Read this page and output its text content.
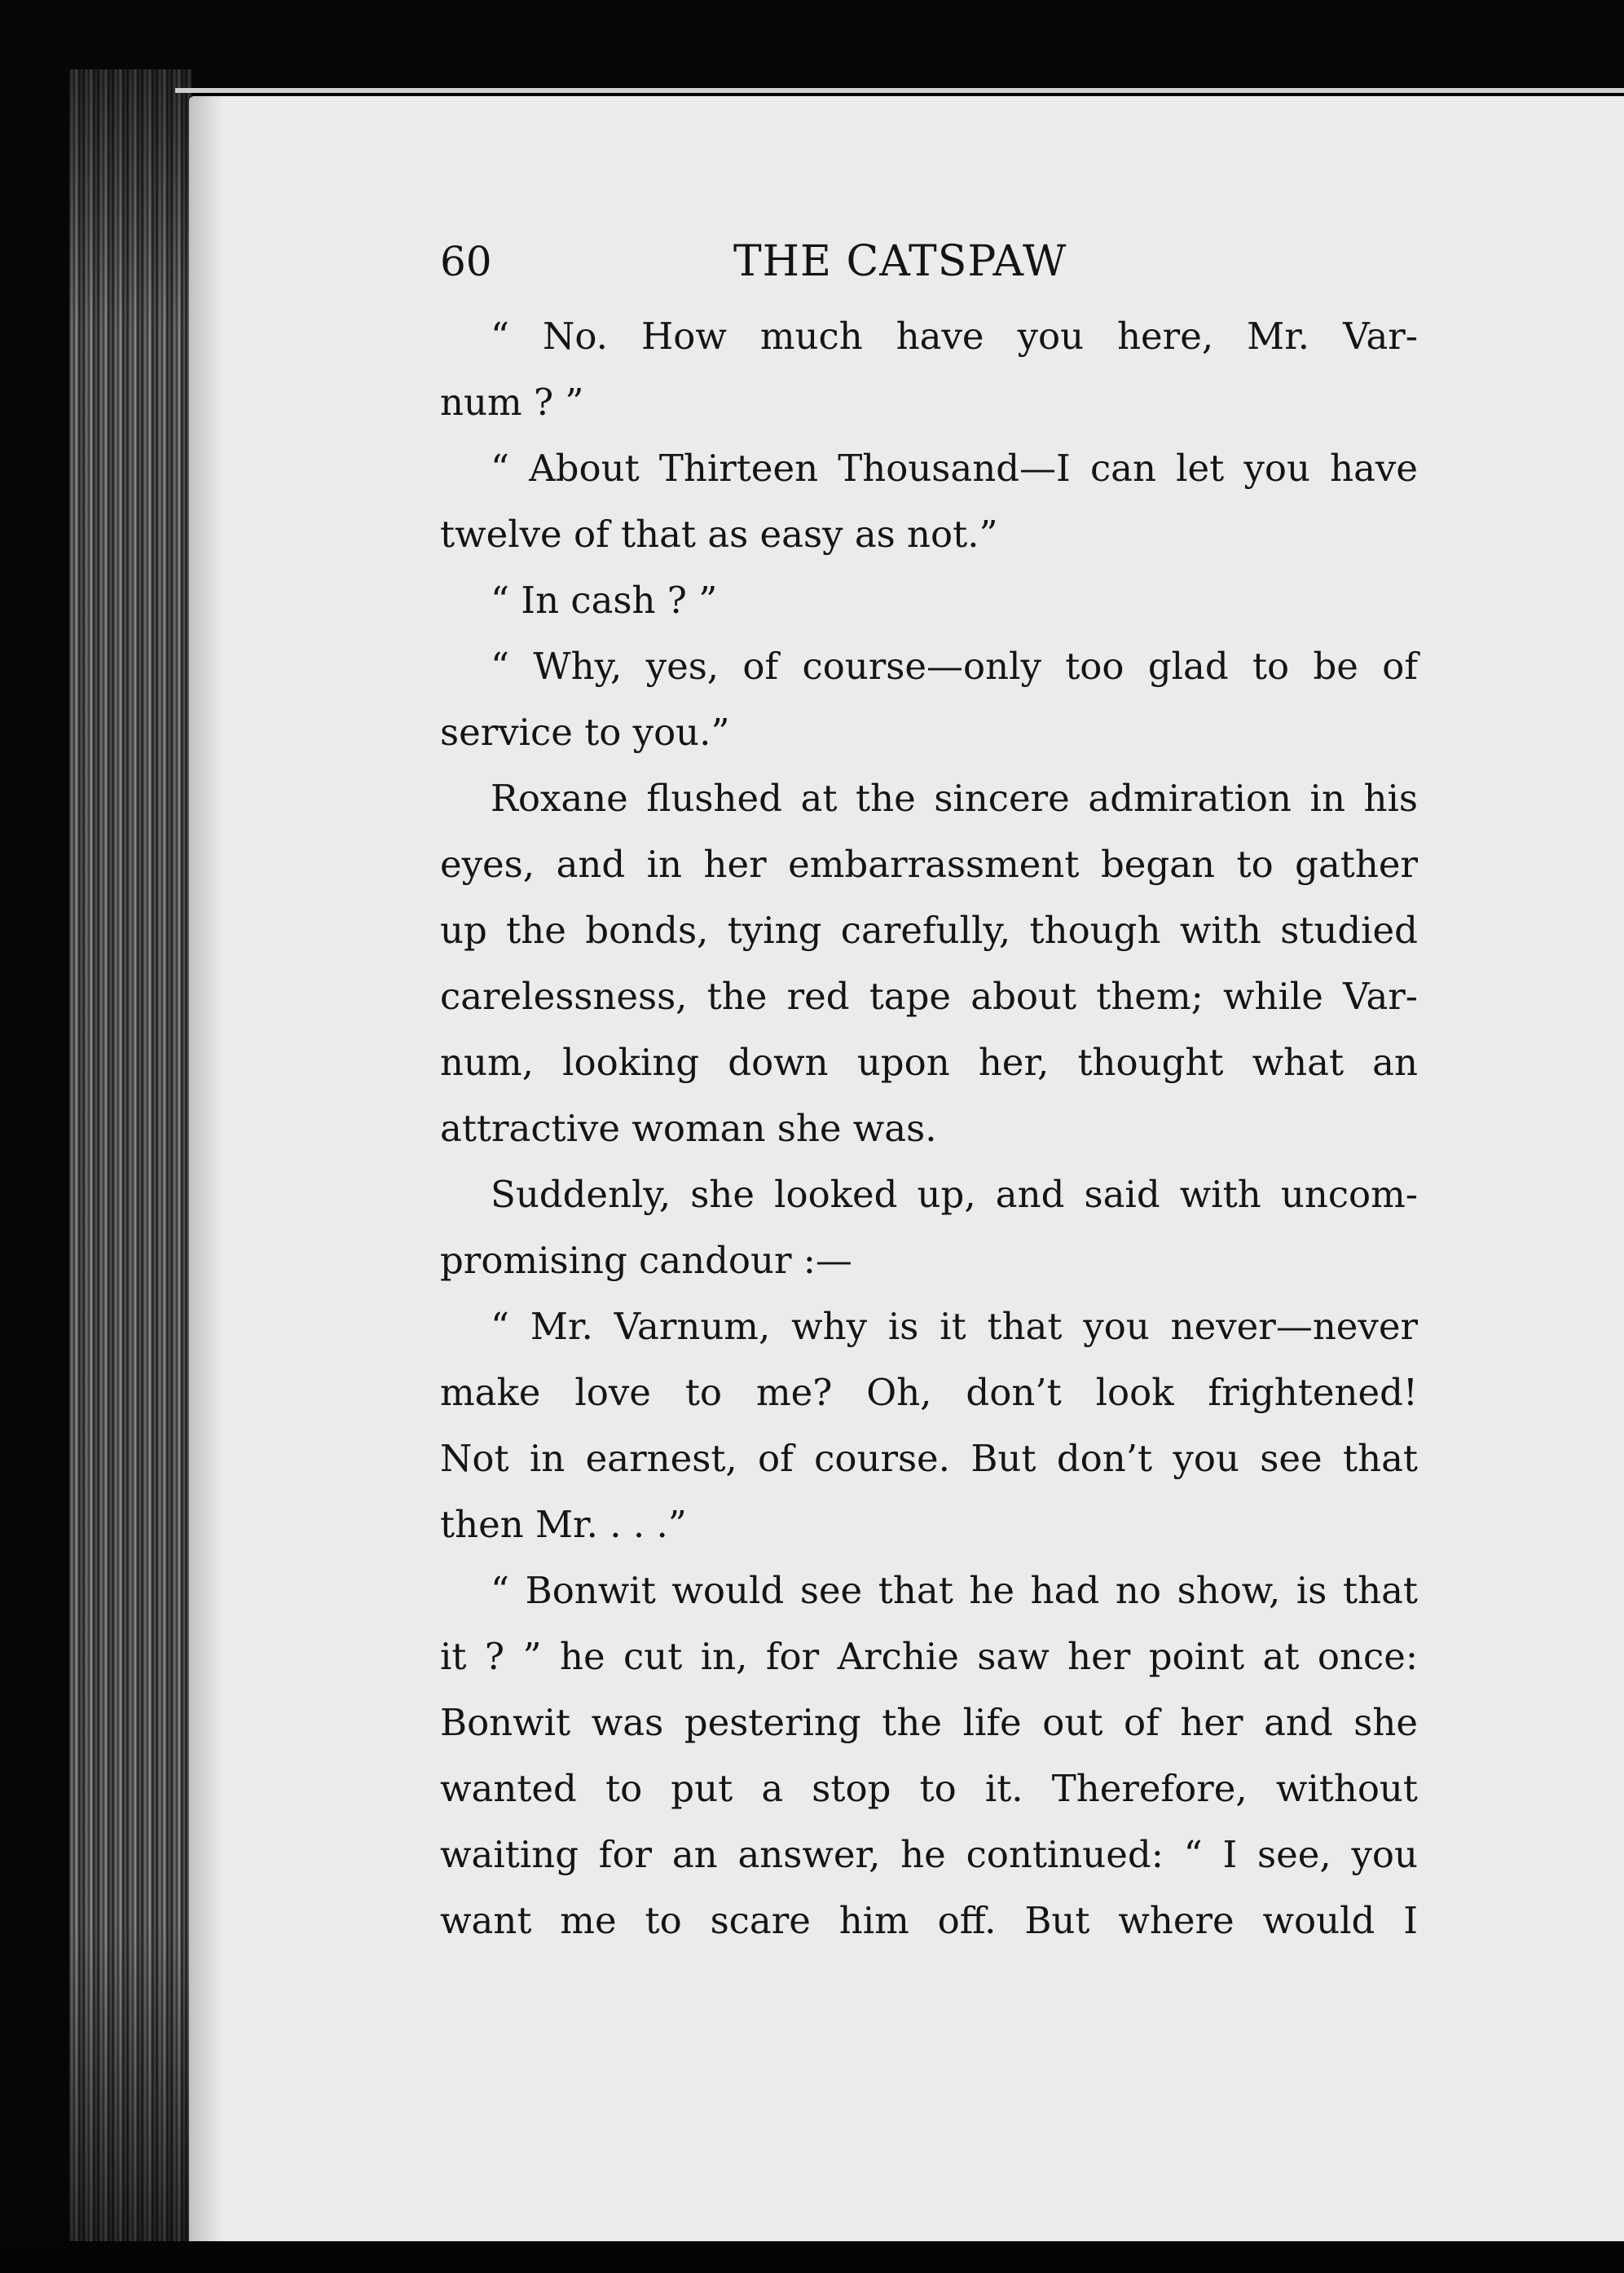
60	THE CATSPAW
“ No. How much have you here, Mr. Var-
num ? ”
“ About Thirteen Thousand—I can let you have
twelve of that as easy as not.”
“ In cash ? ”
“ Why, yes, of course—only too glad to be of
service to you.”
Roxane flushed at the sincere admiration in his
eyes, and in her embarrassment began to gather
up the bonds, tying carefully, though with studied
carelessness, the red tape about them; while Var-
num, looking down upon her, thought what an
attractive woman she was.
Suddenly, she looked up, and said with uncom-
promising candour :—
“ Mr. Varnum, why is it that you never—never
make love to me? Oh, don’t look frightened!
Not in earnest, of course. But don’t you see that
then Mr. . . .”
“ Bonwit would see that he had no show, is that
it ? ” he cut in, for Archie saw her point at once:
Bonwit was pestering the life out of her and she
wanted to put a stop to it. Therefore, without
waiting for an answer, he continued: “ I see, you
want me to scare him off. But where would I
